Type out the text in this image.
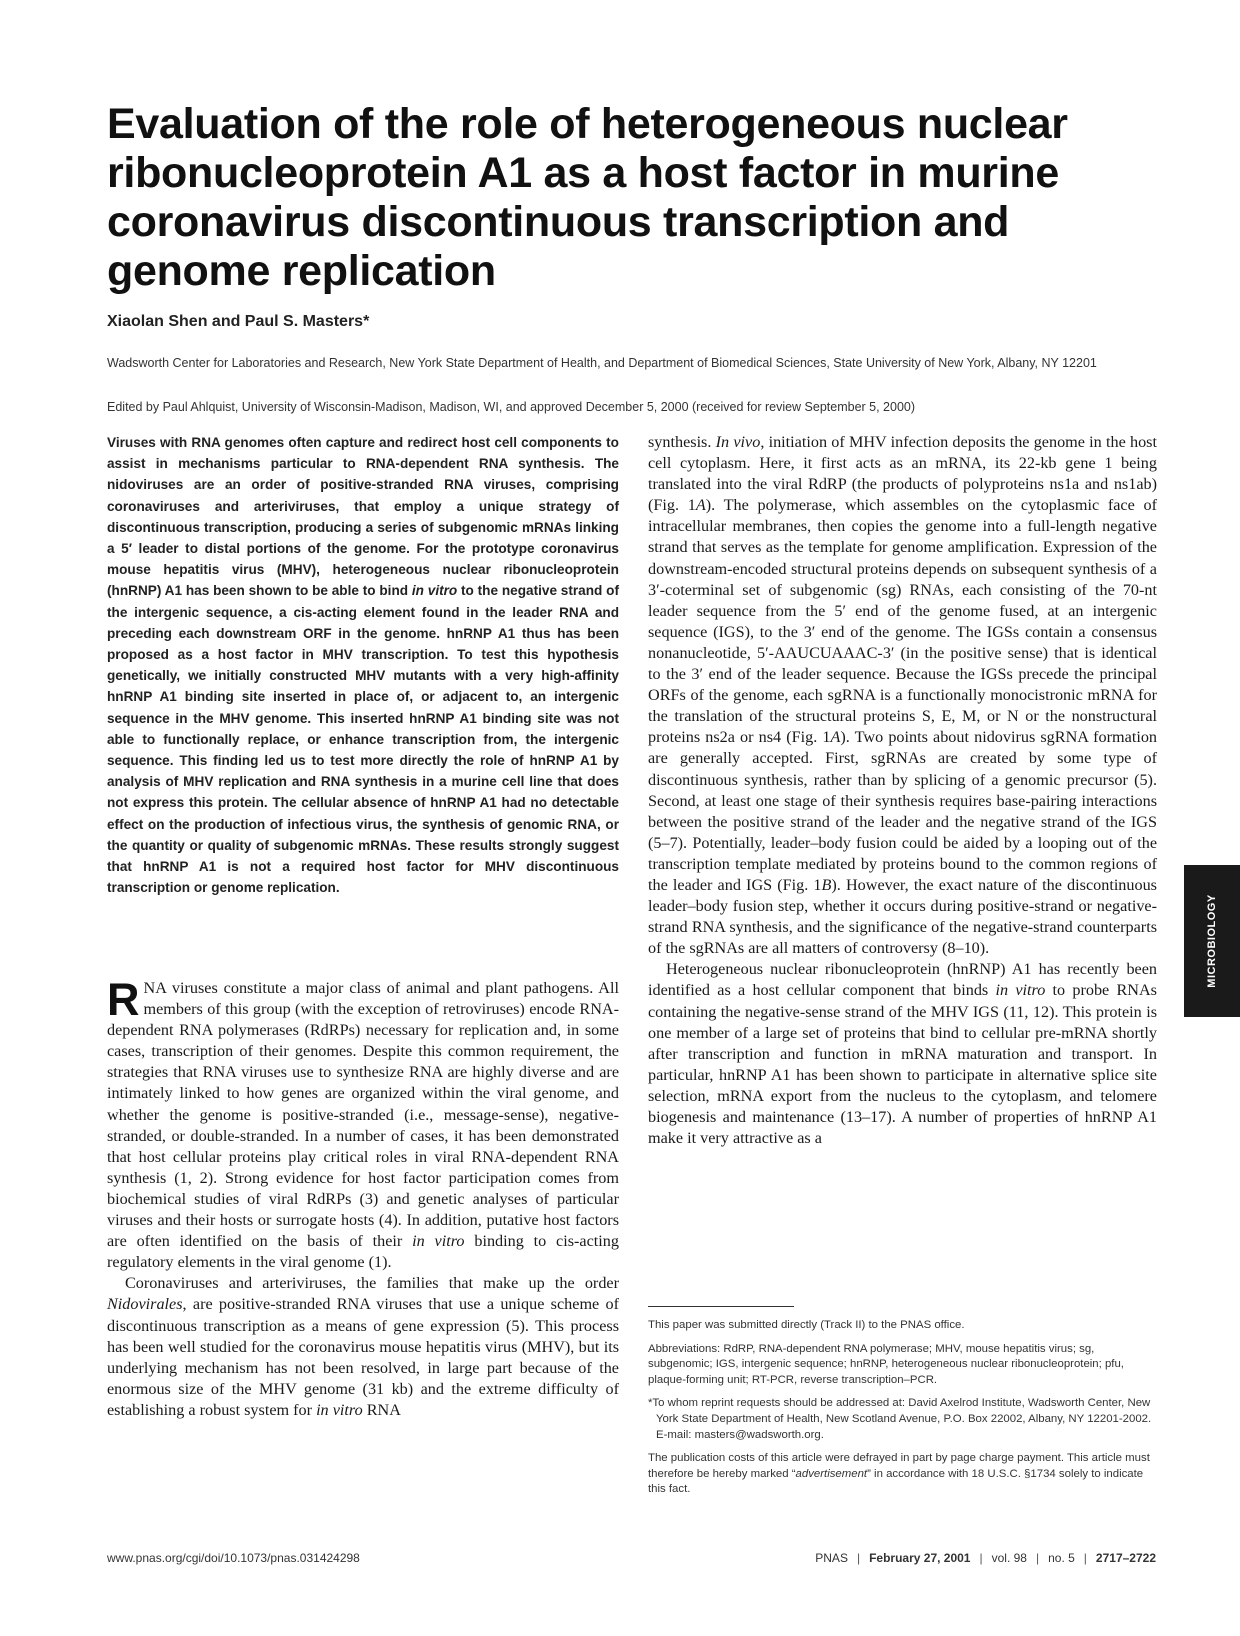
Evaluation of the role of heterogeneous nuclear
ribonucleoprotein A1 as a host factor in murine
coronavirus discontinuous transcription and
genome replication

Xiaolan Shen and Paul S. Masters*

Wadsworth Center for Laboratories and Research, New York State Department of Health, and Department of Biomedical Sciences, State University of New York, Albany, NY 12201

Edited by Paul Ahlquist, University of Wisconsin-Madison, Madison, WI, and approved December 5, 2000 (received for review September 5, 2000)

Viruses with RNA genomes often capture and redirect host cell components to assist in mechanisms particular to RNA-dependent RNA synthesis. The nidoviruses are an order of positive-stranded RNA viruses, comprising coronaviruses and arteriviruses, that employ a unique strategy of discontinuous transcription, producing a series of subgenomic mRNAs linking a 5′ leader to distal portions of the genome. For the prototype coronavirus mouse hepatitis virus (MHV), heterogeneous nuclear ribonucleoprotein (hnRNP) A1 has been shown to be able to bind in vitro to the negative strand of the intergenic sequence, a cis-acting element found in the leader RNA and preceding each downstream ORF in the genome. hnRNP A1 thus has been proposed as a host factor in MHV transcription. To test this hypothesis genetically, we initially constructed MHV mutants with a very high-affinity hnRNP A1 binding site inserted in place of, or adjacent to, an intergenic sequence in the MHV genome. This inserted hnRNP A1 binding site was not able to functionally replace, or enhance transcription from, the intergenic sequence. This finding led us to test more directly the role of hnRNP A1 by analysis of MHV replication and RNA synthesis in a murine cell line that does not express this protein. The cellular absence of hnRNP A1 had no detectable effect on the production of infectious virus, the synthesis of genomic RNA, or the quantity or quality of subgenomic mRNAs. These results strongly suggest that hnRNP A1 is not a required host factor for MHV discontinuous transcription or genome replication.

RNA viruses constitute a major class of animal and plant pathogens. All members of this group (with the exception of retroviruses) encode RNA-dependent RNA polymerases (RdRPs) necessary for replication and, in some cases, transcription of their genomes. Despite this common requirement, the strategies that RNA viruses use to synthesize RNA are highly diverse and are intimately linked to how genes are organized within the viral genome, and whether the genome is positive-stranded (i.e., message-sense), negative-stranded, or double-stranded. In a number of cases, it has been demonstrated that host cellular proteins play critical roles in viral RNA-dependent RNA synthesis (1, 2). Strong evidence for host factor participation comes from biochemical studies of viral RdRPs (3) and genetic analyses of particular viruses and their hosts or surrogate hosts (4). In addition, putative host factors are often identified on the basis of their in vitro binding to cis-acting regulatory elements in the viral genome (1).

Coronaviruses and arteriviruses, the families that make up the order Nidovirales, are positive-stranded RNA viruses that use a unique scheme of discontinuous transcription as a means of gene expression (5). This process has been well studied for the coronavirus mouse hepatitis virus (MHV), but its underlying mechanism has not been resolved, in large part because of the enormous size of the MHV genome (31 kb) and the extreme difficulty of establishing a robust system for in vitro RNA

synthesis. In vivo, initiation of MHV infection deposits the genome in the host cell cytoplasm. Here, it first acts as an mRNA, its 22-kb gene 1 being translated into the viral RdRP (the products of polyproteins ns1a and ns1ab) (Fig. 1A). The polymerase, which assembles on the cytoplasmic face of intracellular membranes, then copies the genome into a full-length negative strand that serves as the template for genome amplification. Expression of the downstream-encoded structural proteins depends on subsequent synthesis of a 3′-coterminal set of subgenomic (sg) RNAs, each consisting of the 70-nt leader sequence from the 5′ end of the genome fused, at an intergenic sequence (IGS), to the 3′ end of the genome. The IGSs contain a consensus nonanucleotide, 5′-AAUCUAAAC-3′ (in the positive sense) that is identical to the 3′ end of the leader sequence. Because the IGSs precede the principal ORFs of the genome, each sgRNA is a functionally monocistronic mRNA for the translation of the structural proteins S, E, M, or N or the nonstructural proteins ns2a or ns4 (Fig. 1A). Two points about nidovirus sgRNA formation are generally accepted. First, sgRNAs are created by some type of discontinuous synthesis, rather than by splicing of a genomic precursor (5). Second, at least one stage of their synthesis requires base-pairing interactions between the positive strand of the leader and the negative strand of the IGS (5–7). Potentially, leader–body fusion could be aided by a looping out of the transcription template mediated by proteins bound to the common regions of the leader and IGS (Fig. 1B). However, the exact nature of the discontinuous leader–body fusion step, whether it occurs during positive-strand or negative-strand RNA synthesis, and the significance of the negative-strand counterparts of the sgRNAs are all matters of controversy (8–10).

Heterogeneous nuclear ribonucleoprotein (hnRNP) A1 has recently been identified as a host cellular component that binds in vitro to probe RNAs containing the negative-sense strand of the MHV IGS (11, 12). This protein is one member of a large set of proteins that bind to cellular pre-mRNA shortly after transcription and function in mRNA maturation and transport. In particular, hnRNP A1 has been shown to participate in alternative splice site selection, mRNA export from the nucleus to the cytoplasm, and telomere biogenesis and maintenance (13–17). A number of properties of hnRNP A1 make it very attractive as a

This paper was submitted directly (Track II) to the PNAS office.

Abbreviations: RdRP, RNA-dependent RNA polymerase; MHV, mouse hepatitis virus; sg, subgenomic; IGS, intergenic sequence; hnRNP, heterogeneous nuclear ribonucleoprotein; pfu, plaque-forming unit; RT-PCR, reverse transcription–PCR.

*To whom reprint requests should be addressed at: David Axelrod Institute, Wadsworth Center, New York State Department of Health, New Scotland Avenue, P.O. Box 22002, Albany, NY 12201-2002. E-mail: masters@wadsworth.org.

The publication costs of this article were defrayed in part by page charge payment. This article must therefore be hereby marked “advertisement” in accordance with 18 U.S.C. §1734 solely to indicate this fact.

MICROBIOLOGY
www.pnas.org/cgi/doi/10.1073/pnas.031424298	PNAS | February 27, 2001 | vol. 98 | no. 5 | 2717–2722
